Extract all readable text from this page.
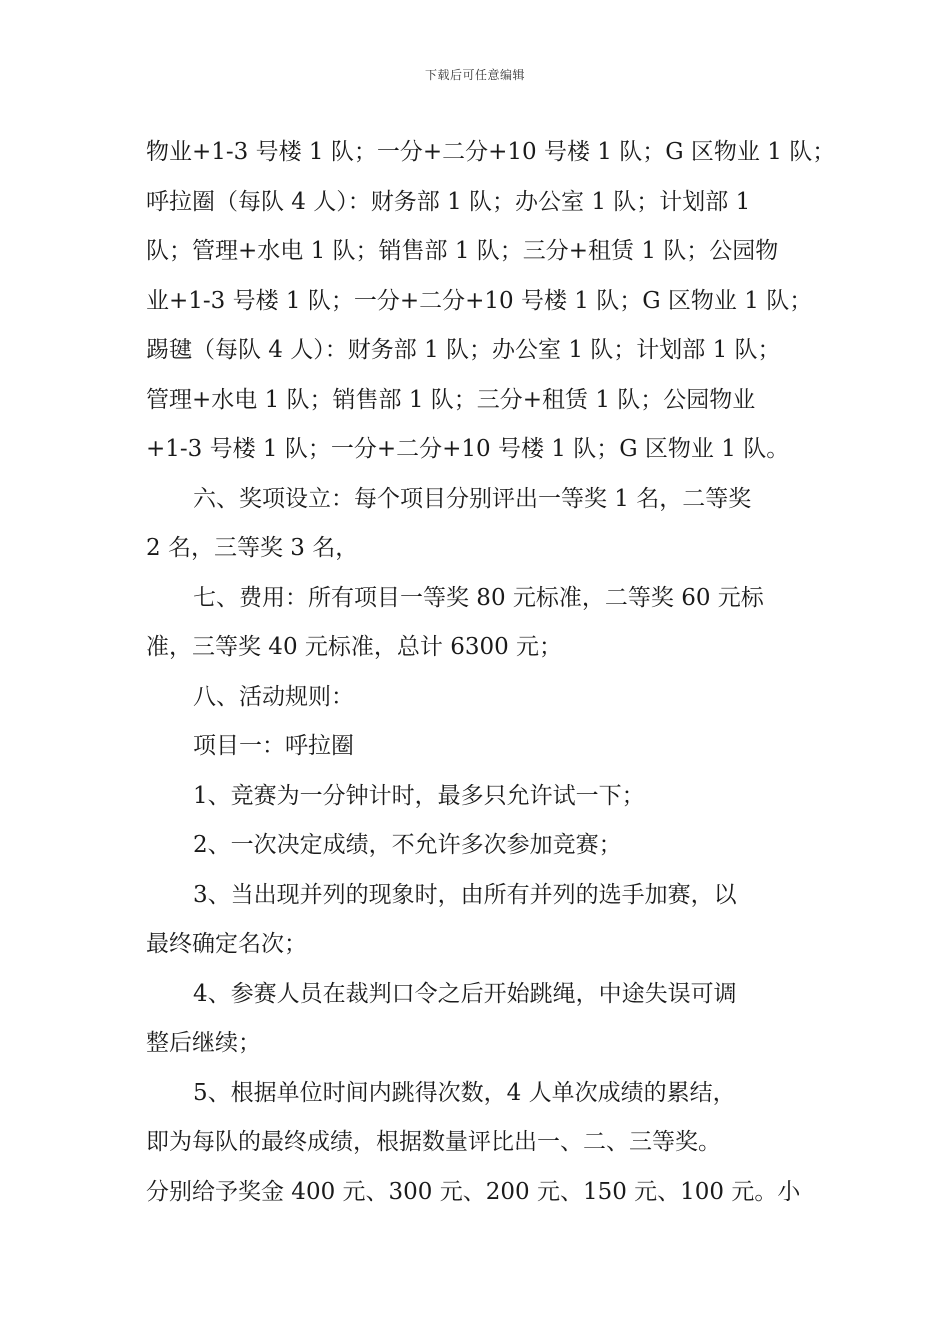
下载后可任意编辑
物业+1-3 号楼 1 队；一分+二分+10 号楼 1 队；G 区物业 1 队；
呼拉圈（每队 4 人）：财务部 1 队；办公室 1 队；计划部 1
队；管理+水电 1 队；销售部 1 队；三分+租赁 1 队；公园物
业+1-3 号楼 1 队；一分+二分+10 号楼 1 队；G 区物业 1 队；
踢毽（每队 4 人）：财务部 1 队；办公室 1 队；计划部 1 队；
管理+水电 1 队；销售部 1 队；三分+租赁 1 队；公园物业
+1-3 号楼 1 队；一分+二分+10 号楼 1 队；G 区物业 1 队。
六、奖项设立：每个项目分别评出一等奖 1 名，二等奖
2 名，三等奖 3 名，
七、费用：所有项目一等奖 80 元标准，二等奖 60 元标
准，三等奖 40 元标准，总计 6300 元；
八、活动规则：
项目一：呼拉圈
1、竞赛为一分钟计时，最多只允许试一下；
2、一次决定成绩，不允许多次参加竞赛；
3、当出现并列的现象时，由所有并列的选手加赛，以
最终确定名次；
4、参赛人员在裁判口令之后开始跳绳，中途失误可调
整后继续；
5、根据单位时间内跳得次数，4 人单次成绩的累结，
即为每队的最终成绩，根据数量评比出一、二、三等奖。
分别给予奖金 400 元、300 元、200 元、150 元、100 元。小
